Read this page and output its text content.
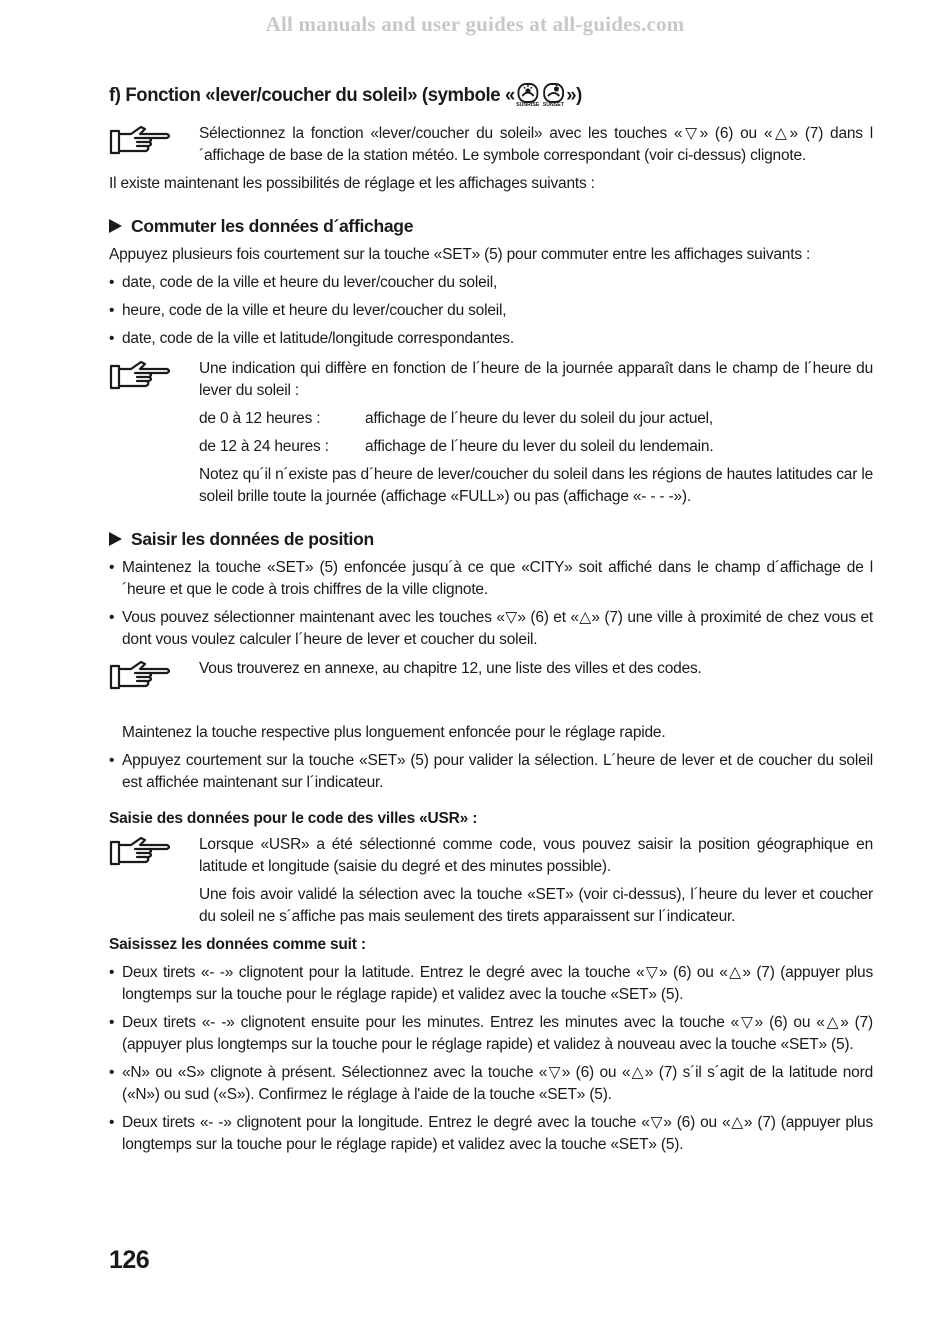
All manuals and user guides at all-guides.com
f) Fonction «lever/coucher du soleil» (symbole « SUNRISE SUNSET »)

Sélectionnez la fonction «lever/coucher du soleil» avec les touches «▽» (6) ou «△» (7) dans l´affichage de base de la station météo. Le symbole correspondant (voir ci-dessus) clignote.

Il existe maintenant les possibilités de réglage et les affichages suivants :

Commuter les données d´affichage

Appuyez plusieurs fois courtement sur la touche «SET» (5) pour commuter entre les affichages suivants :

• date, code de la ville et heure du lever/coucher du soleil,

• heure, code de la ville et heure du lever/coucher du soleil,

• date, code de la ville et latitude/longitude correspondantes.

Une indication qui diffère en fonction de l´heure de la journée apparaît dans le champ de l´heure du lever du soleil :

de 0 à 12 heures :	affichage de l´heure du lever du soleil du jour actuel,
de 12 à 24 heures :	affichage de l´heure du lever du soleil du lendemain.

Notez qu´il n´existe pas d´heure de lever/coucher du soleil dans les régions de hautes latitudes car le soleil brille toute la journée (affichage «FULL») ou pas (affichage «- - - -»).

Saisir les données de position
• Maintenez la touche «SET» (5) enfoncée jusqu´à ce que «CITY» soit affiché dans le champ d´affichage de l´heure et que le code à trois chiffres de la ville clignote.

• Vous pouvez sélectionner maintenant avec les touches «▽» (6) et «△» (7) une ville à proximité de chez vous et dont vous voulez calculer l´heure de lever et coucher du soleil.

Vous trouverez en annexe, au chapitre 12, une liste des villes et des codes.

Maintenez la touche respective plus longuement enfoncée pour le réglage rapide.

• Appuyez courtement sur la touche «SET» (5) pour valider la sélection. L´heure de lever et de coucher du soleil est affichée maintenant sur l´indicateur.

Saisie des données pour le code des villes «USR» :

Lorsque «USR» a été sélectionné comme code, vous pouvez saisir la position géographique en latitude et longitude (saisie du degré et des minutes possible).

Une fois avoir validé la sélection avec la touche «SET» (voir ci-dessus), l´heure du lever et coucher du soleil ne s´affiche pas mais seulement des tirets apparaissent sur l´indicateur.

Saisissez les données comme suit :

• Deux tirets «- -» clignotent pour la latitude. Entrez le degré avec la touche «▽» (6) ou «△» (7) (appuyer plus longtemps sur la touche pour le réglage rapide) et validez avec la touche «SET» (5).

• Deux tirets «- -» clignotent ensuite pour les minutes. Entrez les minutes avec la touche «▽» (6) ou «△» (7) (appuyer plus longtemps sur la touche pour le réglage rapide) et validez à nouveau avec la touche «SET» (5).

• «N» ou «S» clignote à présent. Sélectionnez avec la touche «▽» (6) ou «△» (7) s´il s´agit de la latitude nord («N») ou sud («S»). Confirmez le réglage à l'aide de la touche «SET» (5).

• Deux tirets «- -» clignotent pour la longitude. Entrez le degré avec la touche «▽» (6) ou «△» (7) (appuyer plus longtemps sur la touche pour le réglage rapide) et validez avec la touche «SET» (5).

126
